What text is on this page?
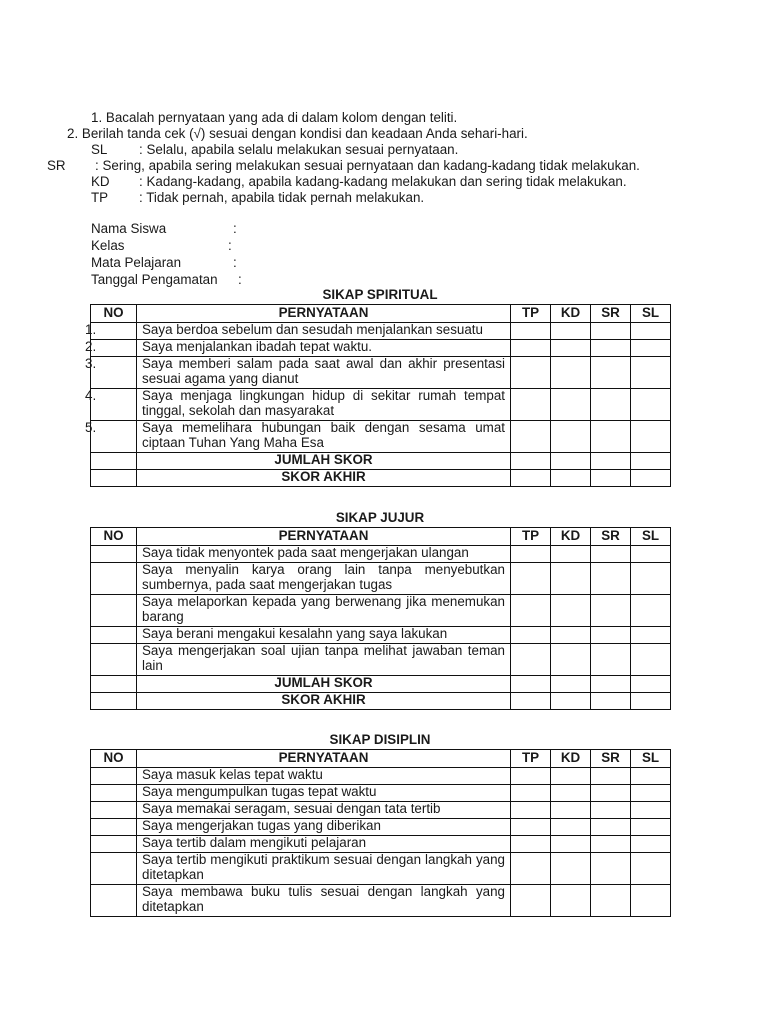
1. Bacalah pernyataan yang ada di dalam kolom dengan teliti.
2. Berilah tanda cek (√) sesuai dengan kondisi dan keadaan Anda sehari-hari.
SL : Selalu, apabila selalu melakukan sesuai pernyataan.
SR : Sering, apabila sering melakukan sesuai pernyataan dan kadang-kadang tidak melakukan.
KD : Kadang-kadang, apabila kadang-kadang melakukan dan sering tidak melakukan.
TP : Tidak pernah, apabila tidak pernah melakukan.
Nama Siswa	:
Kelas	:
Mata Pelajaran	:
Tanggal Pengamatan :
SIKAP SPIRITUAL
NO	PERNYATAAN	TP	KD	SR	SL

1.	Saya berdoa sebelum dan sesudah menjalankan sesuatu				

2.	Saya menjalankan ibadah tepat waktu.				

3.	Saya memberi salam pada saat awal dan akhir presentasi sesuai agama yang dianut				

4.	Saya menjaga lingkungan hidup di sekitar rumah tempat tinggal, sekolah dan masyarakat				

5.	Saya memelihara hubungan baik dengan sesama umat ciptaan Tuhan Yang Maha Esa				
	JUMLAH SKOR				
	SKOR AKHIR				
SIKAP JUJUR
NO	PERNYATAAN	TP	KD	SR	SL

	Saya tidak menyontek pada saat mengerjakan ulangan				

	Saya menyalin karya orang lain tanpa menyebutkan sumbernya, pada saat mengerjakan tugas				

	Saya melaporkan kepada yang berwenang jika menemukan barang				

	Saya berani mengakui kesalahn yang saya lakukan				

	Saya mengerjakan soal ujian tanpa melihat jawaban teman lain				
	JUMLAH SKOR				
	SKOR AKHIR				
SIKAP DISIPLIN
NO	PERNYATAAN	TP	KD	SR	SL

	Saya masuk kelas tepat waktu				

	Saya mengumpulkan tugas tepat waktu				

	Saya memakai seragam, sesuai dengan tata tertib				

	Saya mengerjakan tugas yang diberikan				

	Saya tertib dalam mengikuti pelajaran				

	Saya tertib mengikuti praktikum sesuai dengan langkah yang ditetapkan				

	Saya membawa buku tulis sesuai dengan langkah yang ditetapkan				
